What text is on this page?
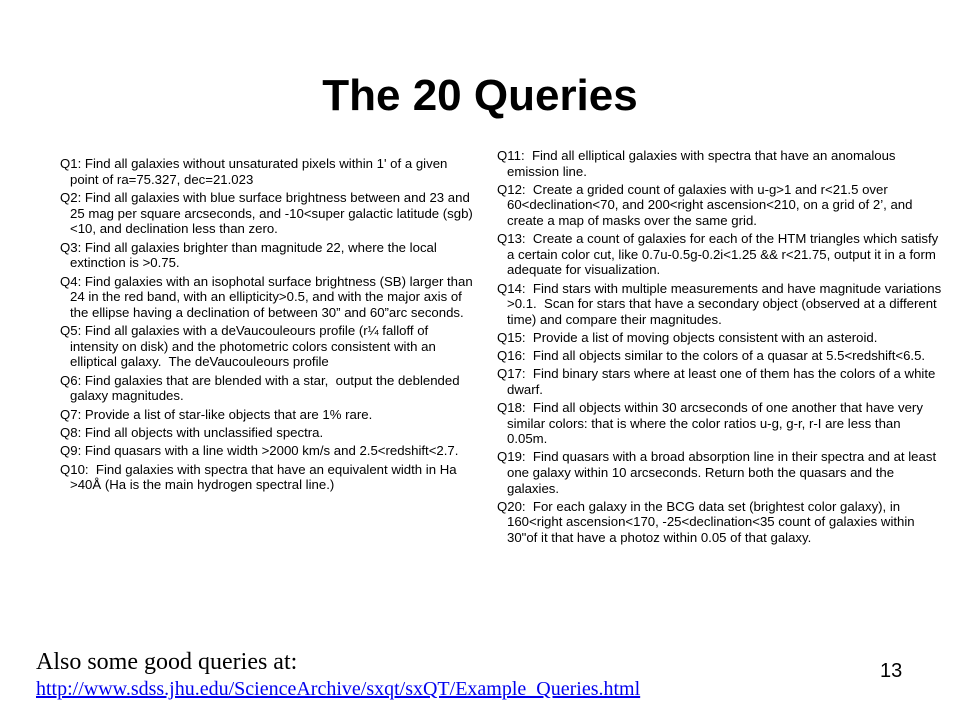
The 20 Queries

Q1: Find all galaxies without unsaturated pixels within 1' of a given point of ra=75.327, dec=21.023

Q2: Find all galaxies with blue surface brightness between and 23 and 25 mag per square arcseconds, and -10<super galactic latitude (sgb) <10, and declination less than zero.

Q3: Find all galaxies brighter than magnitude 22, where the local extinction is >0.75.

Q4: Find galaxies with an isophotal surface brightness (SB) larger than 24 in the red band, with an ellipticity>0.5, and with the major axis of the ellipse having a declination of between 30” and 60”arc seconds.

Q5: Find all galaxies with a deVaucouleours profile (r¼ falloff of intensity on disk) and the photometric colors consistent with an elliptical galaxy.  The deVaucouleours profile

Q6: Find galaxies that are blended with a star,  output the deblended galaxy magnitudes.

Q7: Provide a list of star-like objects that are 1% rare.

Q8: Find all objects with unclassified spectra.

Q9: Find quasars with a line width >2000 km/s and 2.5<redshift<2.7.

Q10:  Find galaxies with spectra that have an equivalent width in Ha >40Å (Ha is the main hydrogen spectral line.)

Q11:  Find all elliptical galaxies with spectra that have an anomalous emission line.

Q12:  Create a grided count of galaxies with u-g>1 and r<21.5 over 60<declination<70, and 200<right ascension<210, on a grid of 2’, and create a map of masks over the same grid.

Q13:  Create a count of galaxies for each of the HTM triangles which satisfy a certain color cut, like 0.7u-0.5g-0.2i<1.25 && r<21.75, output it in a form adequate for visualization.

Q14:  Find stars with multiple measurements and have magnitude variations >0.1.  Scan for stars that have a secondary object (observed at a different time) and compare their magnitudes.

Q15:  Provide a list of moving objects consistent with an asteroid.

Q16:  Find all objects similar to the colors of a quasar at 5.5<redshift<6.5.

Q17:  Find binary stars where at least one of them has the colors of a white dwarf.

Q18:  Find all objects within 30 arcseconds of one another that have very similar colors: that is where the color ratios u-g, g-r, r-I are less than 0.05m.

Q19:  Find quasars with a broad absorption line in their spectra and at least one galaxy within 10 arcseconds. Return both the quasars and the galaxies.

Q20:  For each galaxy in the BCG data set (brightest color galaxy), in 160<right ascension<170, -25<declination<35 count of galaxies within 30"of it that have a photoz within 0.05 of that galaxy.

Also some good queries at:
http://www.sdss.jhu.edu/ScienceArchive/sxqt/sxQT/Example_Queries.html
13
